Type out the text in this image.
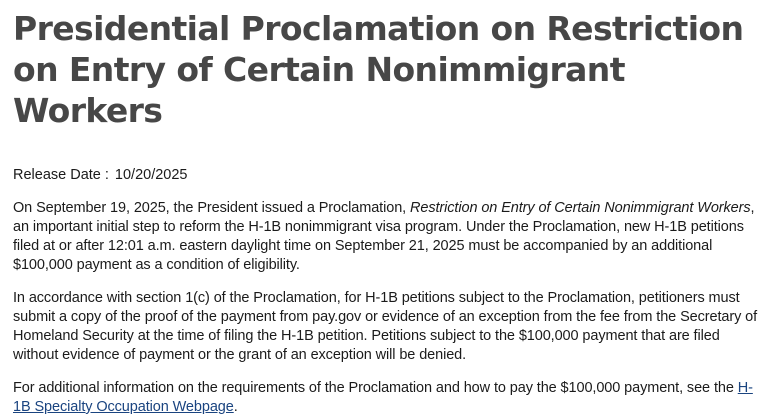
Presidential Proclamation on Restriction on Entry of Certain Nonimmigrant Workers

Release Date : 10/20/2025

On September 19, 2025, the President issued a Proclamation, Restriction on Entry of Certain Nonimmigrant Workers, an important initial step to reform the H-1B nonimmigrant visa program. Under the Proclamation, new H-1B petitions filed at or after 12:01 a.m. eastern daylight time on September 21, 2025 must be accompanied by an additional $100,000 payment as a condition of eligibility.

In accordance with section 1(c) of the Proclamation, for H-1B petitions subject to the Proclamation, petitioners must submit a copy of the proof of the payment from pay.gov or evidence of an exception from the fee from the Secretary of Homeland Security at the time of filing the H-1B petition. Petitions subject to the $100,000 payment that are filed without evidence of payment or the grant of an exception will be denied.

For additional information on the requirements of the Proclamation and how to pay the $100,000 payment, see the H-1B Specialty Occupation Webpage.
